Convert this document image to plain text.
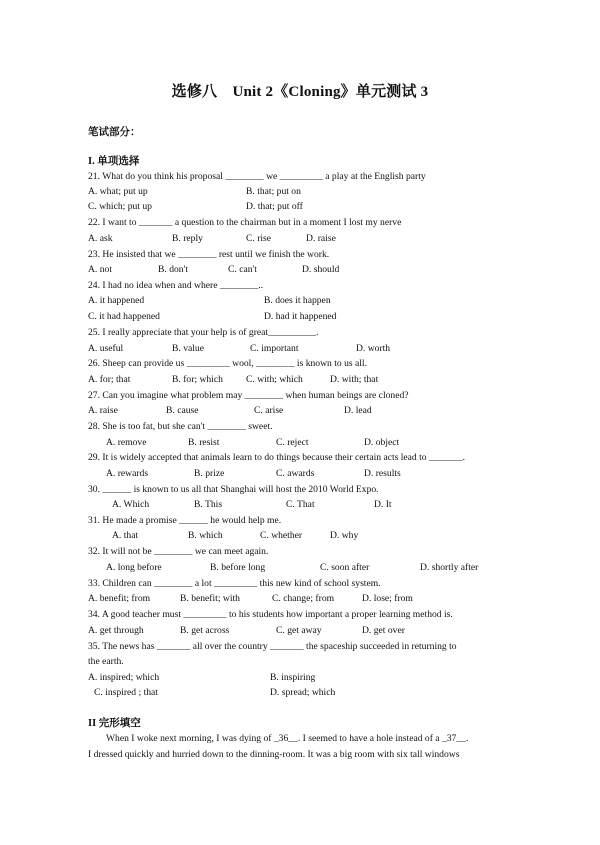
选修八　Unit 2《Cloning》单元测试 3
笔试部分：
I. 单项选择
21. What do you think his proposal ________ we _________ a play at the English party
A. what; put up	B. that; put on
C. which; put up	D. that; put off
22. I want to _______ a question to the chairman but in a moment I lost my nerve
A. ask	B. reply	C. rise	D. raise
23. He insisted that we ________ rest until we finish the work.
A. not	B. don't	C. can't	D. should
24. I had no idea when and where ________..
A. it happened	B. does it happen
C. it had happened	D. had it happened
25. I really appreciate that your help is of great__________.
A. useful	B. value	C. important	D. worth
26. Sheep can provide us _________ wool, ________ is known to us all.
A. for; that	B. for; which C. with; which	D. with; that
27. Can you imagine what problem may ________ when human beings are cloned?
A. raise	B. cause	C. arise	D. lead
28. She is too fat, but she can't ________ sweet.
A. remove	B. resist	C. reject	D. object
29. It is widely accepted that animals learn to do things because their certain acts lead to _______.
A. rewards	B. prize	C. awards	D. results
30. ______ is known to us all that Shanghai will host the 2010 World Expo.
A. Which	B. This	C. That	D. It
31. He made a promise ______ he would help me.
A. that	B. which	C. whether	D. why
32. It will not be ________ we can meet again.
A. long before	B. before long	C. soon after	D. shortly after
33. Children can ________ a lot _________ this new kind of school system.
A. benefit; from	B. benefit; with	C. change; from	D. lose; from
34. A good teacher must _________ to his students how important a proper learning method is.
A. get through	B. get across	C. get away	D. get over
35. The news has _______ all over the country _______ the spaceship succeeded in returning to
the earth.
A. inspired; which	B. inspiring
C. inspired ; that	D. spread; which
II 完形填空
When I woke next morning, I was dying of _36__. I seemed to have a hole instead of a _37__.
I dressed quickly and hurried down to the dinning-room. It was a big room with six tall windows
